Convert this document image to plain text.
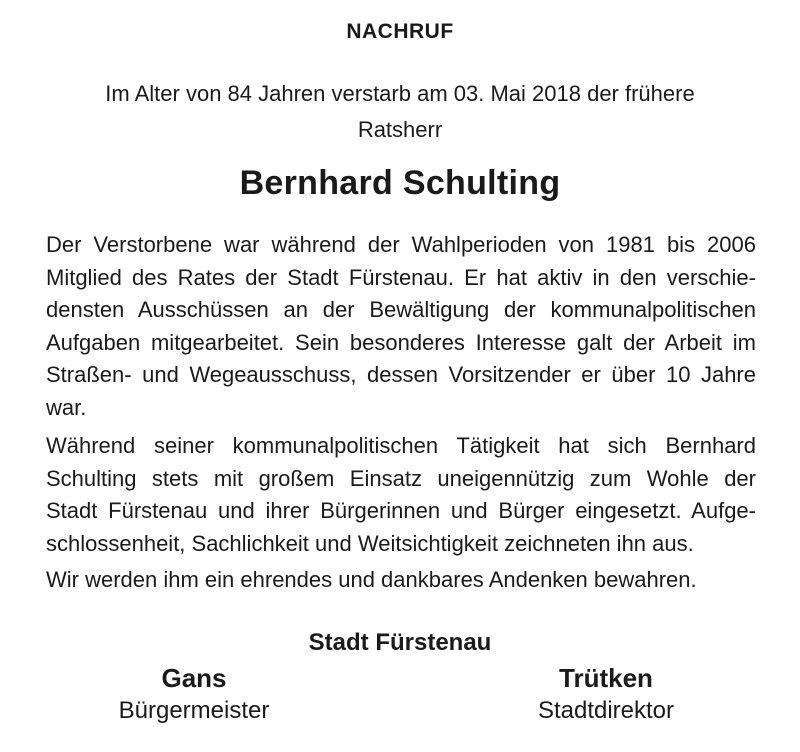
NACHRUF
Im Alter von 84 Jahren verstarb am 03. Mai 2018 der frühere
Ratsherr
Bernhard Schulting
Der Verstorbene war während der Wahlperioden von 1981 bis 2006
Mitglied des Rates der Stadt Fürstenau. Er hat aktiv in den verschie-
densten Ausschüssen an der Bewältigung der kommunalpolitischen
Aufgaben mitgearbeitet. Sein besonderes Interesse galt der Arbeit im
Straßen- und Wegeausschuss, dessen Vorsitzender er über 10 Jahre
war.
Während seiner kommunalpolitischen Tätigkeit hat sich Bernhard
Schulting stets mit großem Einsatz uneigennützig zum Wohle der
Stadt Fürstenau und ihrer Bürgerinnen und Bürger eingesetzt. Aufge-
schlossenheit, Sachlichkeit und Weitsichtigkeit zeichneten ihn aus.
Wir werden ihm ein ehrendes und dankbares Andenken bewahren.
Stadt Fürstenau
Gans
Bürgermeister
Trütken
Stadtdirektor
